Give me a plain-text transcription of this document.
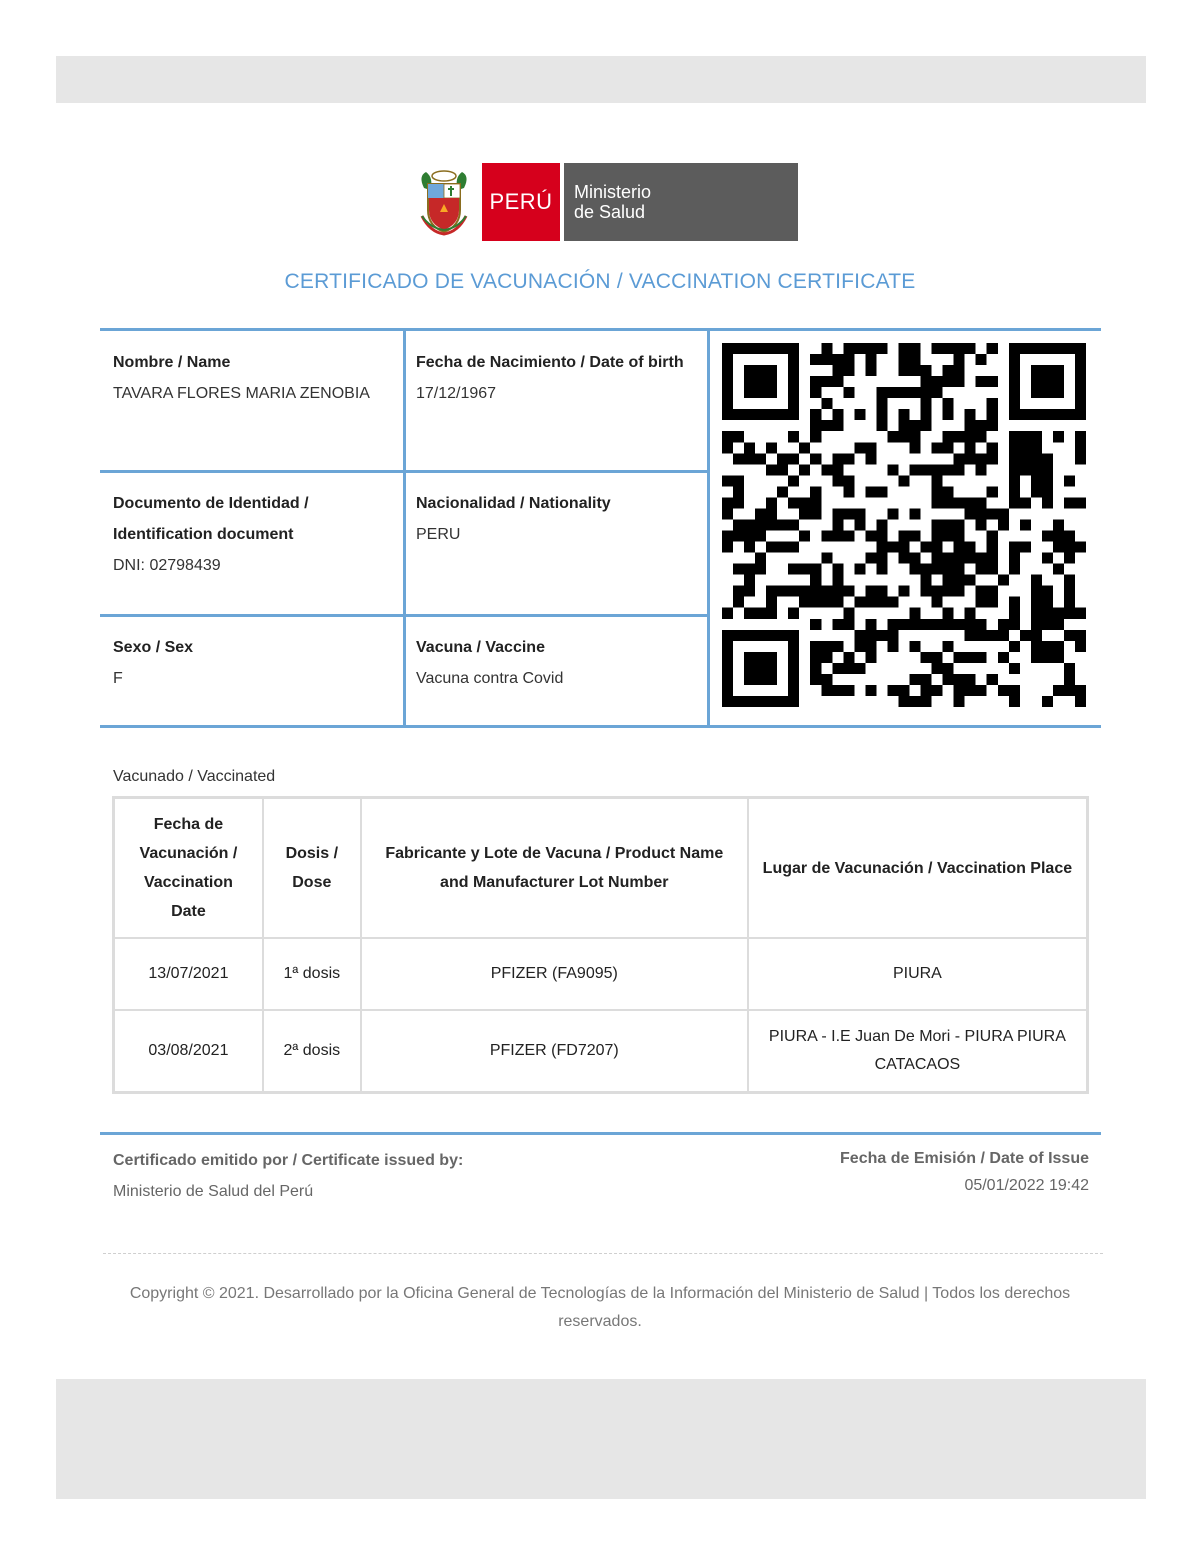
PERÚ Ministerio
de Salud
CERTIFICADO DE VACUNACIÓN / VACCINATION CERTIFICATE
Nombre / Name
TAVARA FLORES MARIA ZENOBIA
Fecha de Nacimiento / Date of birth
17/12/1967
Documento de Identidad / Identification document
DNI: 02798439
Nacionalidad / Nationality
PERU
Sexo / Sex
F
Vacuna / Vaccine
Vacuna contra Covid
Vacunado / Vaccinated
Fecha de Vacunación / Vaccination Date	Dosis / Dose	Fabricante y Lote de Vacuna / Product Name and Manufacturer Lot Number	Lugar de Vacunación / Vaccination Place
13/07/2021	1ª dosis	PFIZER (FA9095)	PIURA
03/08/2021	2ª dosis	PFIZER (FD7207)	PIURA - I.E Juan De Mori - PIURA PIURA CATACAOS
Certificado emitido por / Certificate issued by:
Ministerio de Salud del Perú
Fecha de Emisión / Date of Issue
05/01/2022 19:42
Copyright © 2021. Desarrollado por la Oficina General de Tecnologías de la Información del Ministerio de Salud | Todos los derechos reservados.
